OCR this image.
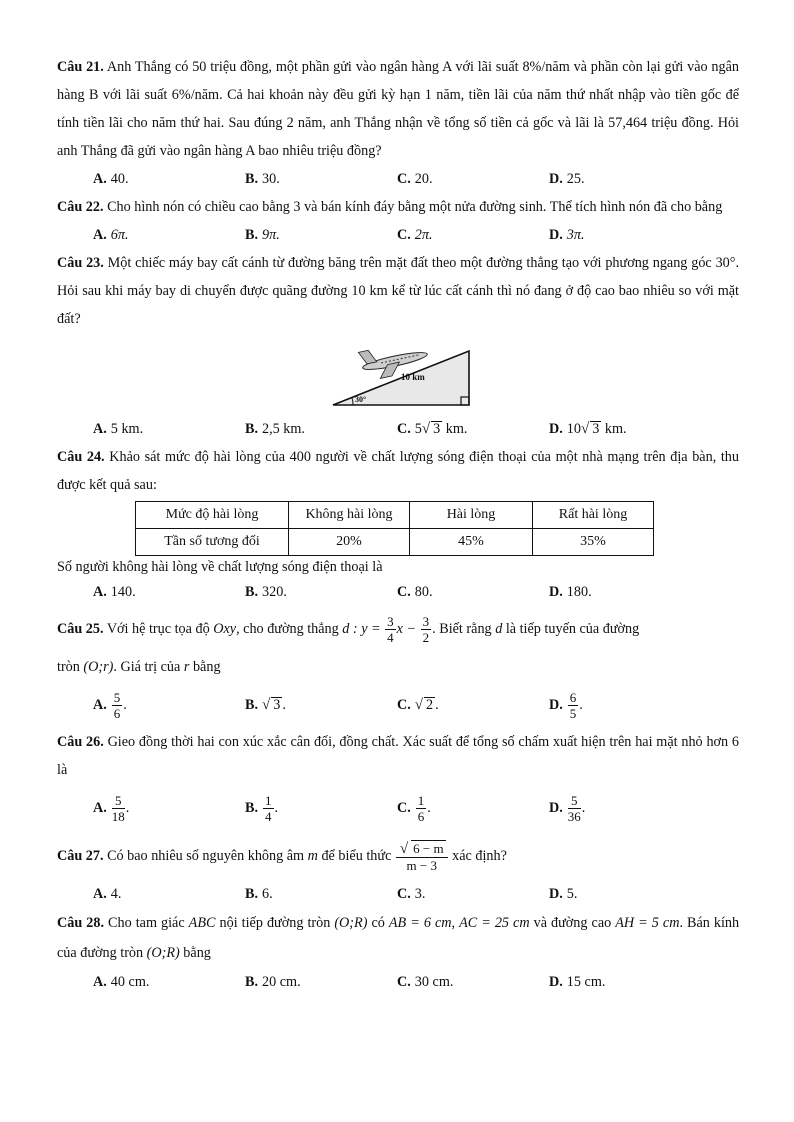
Câu 21. Anh Thắng có 50 triệu đồng, một phần gửi vào ngân hàng A với lãi suất 8%/năm và phần còn lại gửi vào ngân hàng B với lãi suất 6%/năm. Cả hai khoản này đều gửi kỳ hạn 1 năm, tiền lãi của năm thứ nhất nhập vào tiền gốc để tính tiền lãi cho năm thứ hai. Sau đúng 2 năm, anh Thắng nhận về tổng số tiền cả gốc và lãi là 57,464 triệu đồng. Hỏi anh Thắng đã gửi vào ngân hàng A bao nhiêu triệu đồng?

A. 40.	B. 30.	C. 20.	D. 25.

Câu 22. Cho hình nón có chiều cao bằng 3 và bán kính đáy bằng một nửa đường sinh. Thể tích hình nón đã cho bằng

A. 6π.	B. 9π.	C. 2π.	D. 3π.

Câu 23. Một chiếc máy bay cất cánh từ đường băng trên mặt đất theo một đường thẳng tạo với phương ngang góc 30°. Hỏi sau khi máy bay di chuyển được quãng đường 10 km kể từ lúc cất cánh thì nó đang ở độ cao bao nhiêu so với mặt đất?

10 km
30°
A. 5 km.	B. 2,5 km.	C. 5√ 3 km.	D. 10√ 3 km.

Câu 24. Khảo sát mức độ hài lòng của 400 người về chất lượng sóng điện thoại của một nhà mạng trên địa bàn, thu được kết quả sau:

Mức độ hài lòng	Không hài lòng	Hài lòng	Rất hài lòng
Tần số tương đối	20%	45%	35%

Số người không hài lòng về chất lượng sóng điện thoại là

A. 140.	B. 320.	C. 80.	D. 180.

Câu 25. Với hệ trục tọa độ Oxy, cho đường thẳng d : $y = \frac{3}{4}$ $x - \frac{3}{2}$ . Biết rằng d là tiếp tuyến của đường

tròn (O;r). Giá trị của r bằng

A. $\frac{5}{6}$ .	B. √ 3 .	C. √ 2 .	D. $\frac{6}{5}$ .

Câu 26. Gieo đồng thời hai con xúc xắc cân đối, đồng chất. Xác suất để tổng số chấm xuất hiện trên hai mặt nhỏ hơn 6 là

A. $\frac{5}{18}$ .	B. $\frac{1}{4}$ .	C. $\frac{1}{6}$ .	D. $\frac{5}{36}$ .

Câu 27. Có bao nhiêu số nguyên không âm m để biểu thức $\frac{√ 6 - m}{m - 3}$ xác định?

A. 4.	B. 6.	C. 3.	D. 5.

Câu 28. Cho tam giác ABC nội tiếp đường tròn (O;R) có AB = 6 cm, AC = 25 cm và đường cao AH = 5 cm. Bán kính của đường tròn (O;R) bằng

A. 40 cm.	B. 20 cm.	C. 30 cm.	D. 15 cm.
